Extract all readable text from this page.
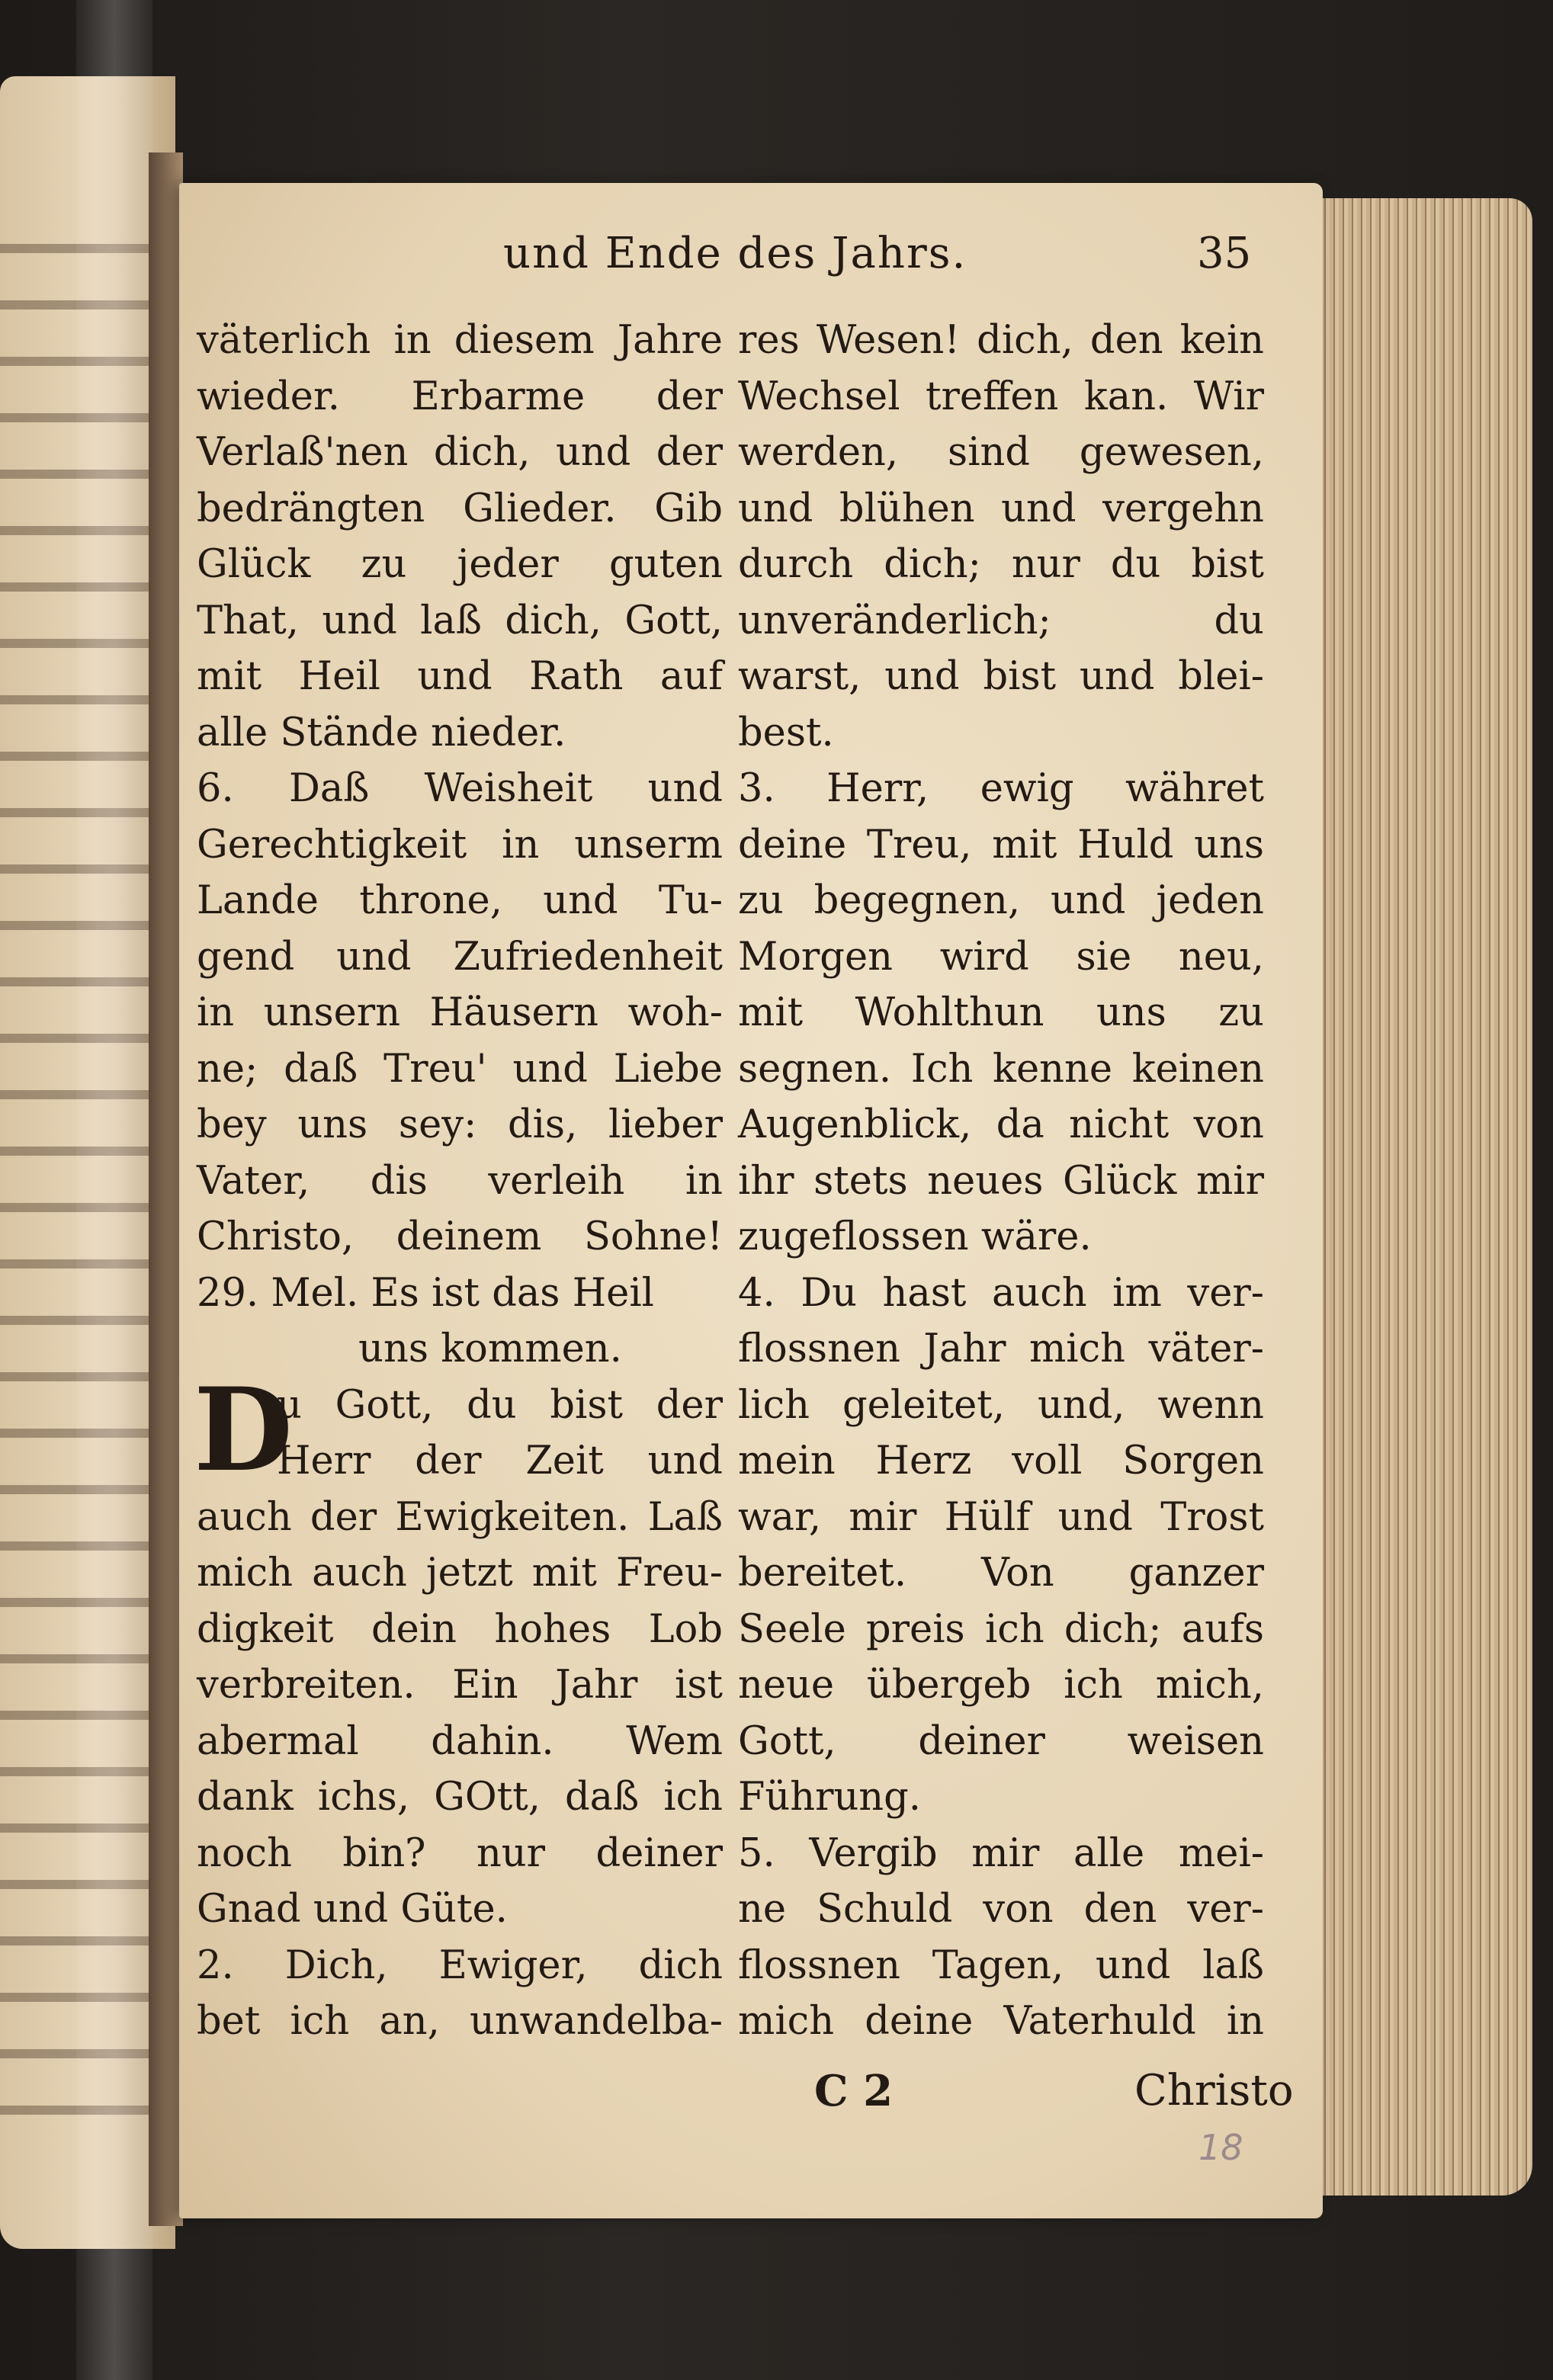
und Ende des Jahrs.	35

väterlich in diesem Jahre

wieder. Erbarme der

Verlaß'nen dich, und der

bedrängten Glieder. Gib

Glück zu jeder guten

That, und laß dich, Gott,

mit Heil und Rath auf

alle Stände nieder.

6. Daß Weisheit und

Gerechtigkeit in unserm

Lande throne, und Tu-

gend und Zufriedenheit

in unsern Häusern woh-

ne; daß Treu' und Liebe

bey uns sey: dis, lieber

Vater, dis verleih in

Christo, deinem Sohne!

29. Mel. Es ist das Heil

uns kommen.
D

u Gott, du bist der

Herr der Zeit und

auch der Ewigkeiten. Laß

mich auch jetzt mit Freu-

digkeit dein hohes Lob

verbreiten. Ein Jahr ist

abermal dahin. Wem

dank ichs, GOtt, daß ich

noch bin? nur deiner

Gnad und Güte.

2. Dich, Ewiger, dich

bet ich an, unwandelba-

res Wesen! dich, den kein

Wechsel treffen kan. Wir

werden, sind gewesen,

und blühen und vergehn

durch dich; nur du bist

unveränderlich; du

warst, und bist und blei-

best.

3. Herr, ewig währet

deine Treu, mit Huld uns

zu begegnen, und jeden

Morgen wird sie neu,

mit Wohlthun uns zu

segnen. Ich kenne keinen

Augenblick, da nicht von

ihr stets neues Glück mir

zugeflossen wäre.

4. Du hast auch im ver-

flossnen Jahr mich väter-

lich geleitet, und, wenn

mein Herz voll Sorgen

war, mir Hülf und Trost

bereitet. Von ganzer

Seele preis ich dich; aufs

neue übergeb ich mich,

Gott, deiner weisen

Führung.

5. Vergib mir alle mei-

ne Schuld von den ver-

flossnen Tagen, und laß

mich deine Vaterhuld in

C 2	Christo
18
